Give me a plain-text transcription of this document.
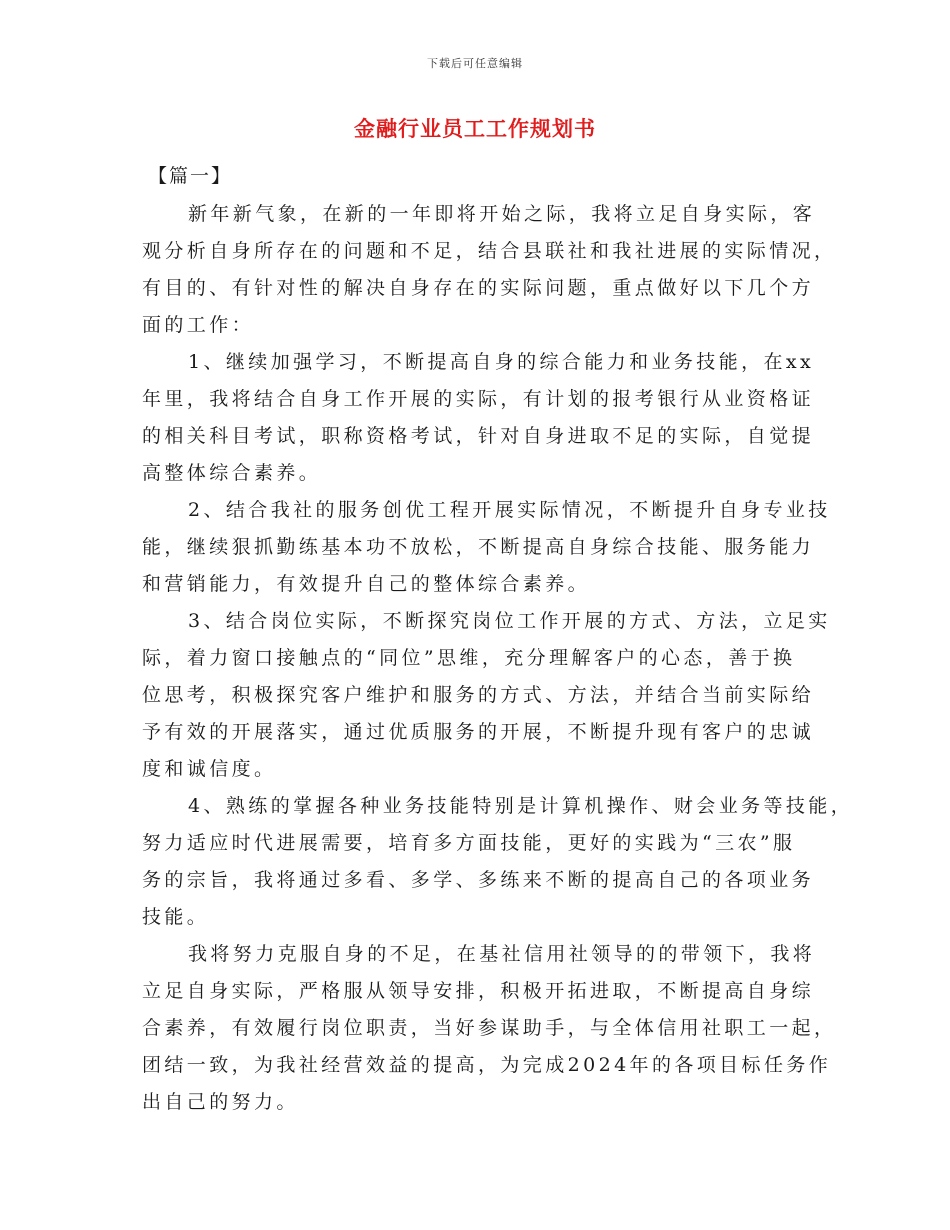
下载后可任意编辑
金融行业员工工作规划书
【篇一】
新年新气象，在新的一年即将开始之际，我将立足自身实际，客
观分析自身所存在的问题和不足，结合县联社和我社进展的实际情况，
有目的、有针对性的解决自身存在的实际问题，重点做好以下几个方
面的工作：
1、继续加强学习，不断提高自身的综合能力和业务技能，在xx
年里，我将结合自身工作开展的实际，有计划的报考银行从业资格证
的相关科目考试，职称资格考试，针对自身进取不足的实际，自觉提
高整体综合素养。
2、结合我社的服务创优工程开展实际情况，不断提升自身专业技
能，继续狠抓勤练基本功不放松，不断提高自身综合技能、服务能力
和营销能力，有效提升自己的整体综合素养。
3、结合岗位实际，不断探究岗位工作开展的方式、方法，立足实
际，着力窗口接触点的“同位”思维，充分理解客户的心态，善于换
位思考，积极探究客户维护和服务的方式、方法，并结合当前实际给
予有效的开展落实，通过优质服务的开展，不断提升现有客户的忠诚
度和诚信度。
4、熟练的掌握各种业务技能特别是计算机操作、财会业务等技能，
努力适应时代进展需要，培育多方面技能，更好的实践为“三农”服
务的宗旨，我将通过多看、多学、多练来不断的提高自己的各项业务
技能。
我将努力克服自身的不足，在基社信用社领导的的带领下，我将
立足自身实际，严格服从领导安排，积极开拓进取，不断提高自身综
合素养，有效履行岗位职责，当好参谋助手，与全体信用社职工一起，
团结一致，为我社经营效益的提高，为完成2024年的各项目标任务作
出自己的努力。
